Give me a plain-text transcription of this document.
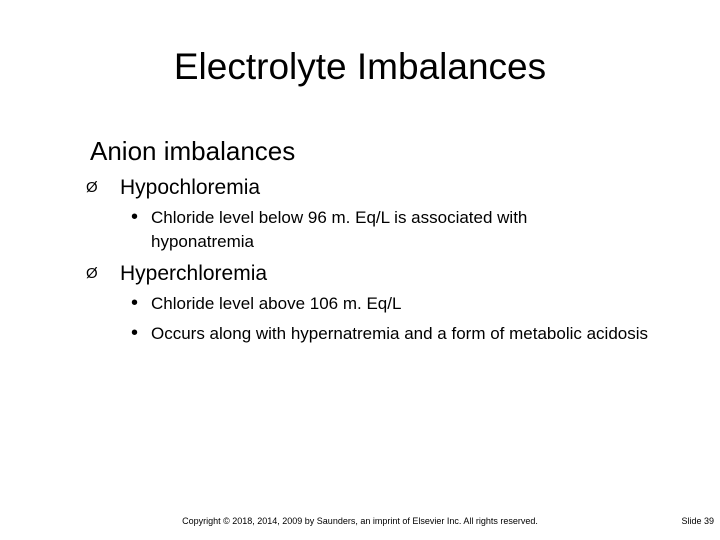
Electrolyte Imbalances
Anion imbalances
Ø	Hypochloremia
• Chloride level below 96 m. Eq/L is associated with hyponatremia
Ø	Hyperchloremia
• Chloride level above 106 m. Eq/L
• Occurs along with hypernatremia and a form of metabolic acidosis
Copyright © 2018, 2014, 2009 by Saunders, an imprint of Elsevier Inc. All rights reserved.	Slide 39
